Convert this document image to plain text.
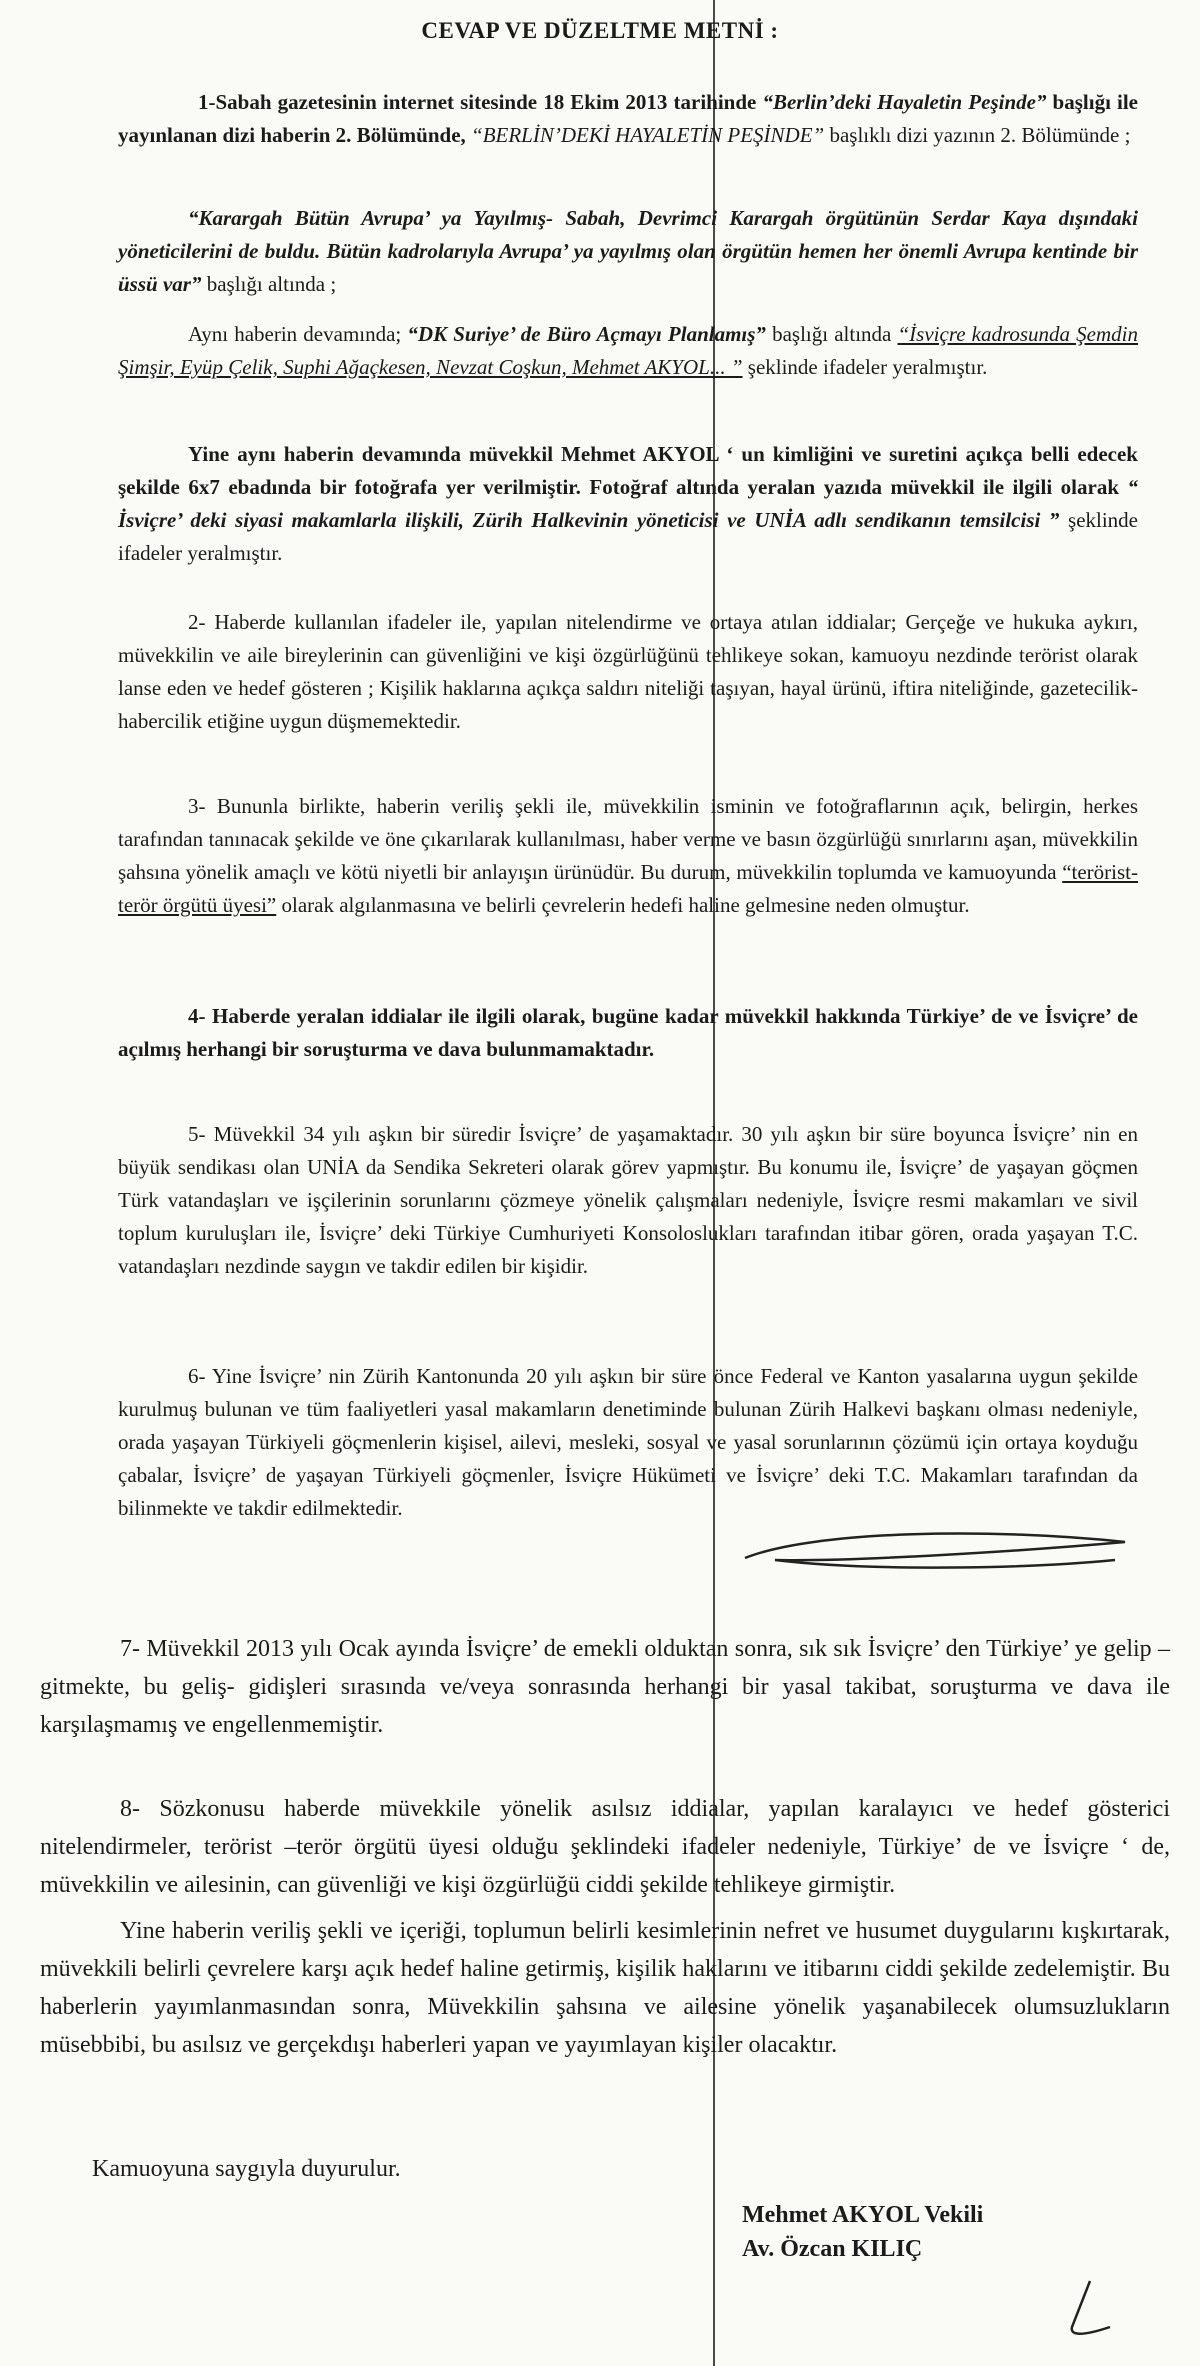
CEVAP VE DÜZELTME METNİ :

1-Sabah gazetesinin internet sitesinde 18 Ekim 2013 tarihinde “Berlin’deki Hayaletin Peşinde” başlığı ile yayınlanan dizi haberin 2. Bölümünde, “BERLİN’DEKİ HAYALETİN PEŞİNDE” başlıklı dizi yazının 2. Bölümünde ;

“Karargah Bütün Avrupa’ ya Yayılmış- Sabah, Devrimci Karargah örgütünün Serdar Kaya dışındaki yöneticilerini de buldu. Bütün kadrolarıyla Avrupa’ ya yayılmış olan örgütün hemen her önemli Avrupa kentinde bir üssü var” başlığı altında ;

Aynı haberin devamında; “DK Suriye’ de Büro Açmayı Planlamış” başlığı altında “İsviçre kadrosunda Şemdin Şimşir, Eyüp Çelik, Suphi Ağaçkesen, Nevzat Coşkun, Mehmet AKYOL... ” şeklinde ifadeler yeralmıştır.

Yine aynı haberin devamında müvekkil Mehmet AKYOL ‘ un kimliğini ve suretini açıkça belli edecek şekilde 6x7 ebadında bir fotoğrafa yer verilmiştir. Fotoğraf altında yeralan yazıda müvekkil ile ilgili olarak “ İsviçre’ deki siyasi makamlarla ilişkili, Zürih Halkevinin yöneticisi ve UNİA adlı sendikanın temsilcisi ” şeklinde ifadeler yeralmıştır.

2- Haberde kullanılan ifadeler ile, yapılan nitelendirme ve ortaya atılan iddialar; Gerçeğe ve hukuka aykırı, müvekkilin ve aile bireylerinin can güvenliğini ve kişi özgürlüğünü tehlikeye sokan, kamuoyu nezdinde terörist olarak lanse eden ve hedef gösteren ; Kişilik haklarına açıkça saldırı niteliği taşıyan, hayal ürünü, iftira niteliğinde, gazetecilik-habercilik etiğine uygun düşmemektedir.

3- Bununla birlikte, haberin veriliş şekli ile, müvekkilin isminin ve fotoğraflarının açık, belirgin, herkes tarafından tanınacak şekilde ve öne çıkarılarak kullanılması, haber verme ve basın özgürlüğü sınırlarını aşan, müvekkilin şahsına yönelik amaçlı ve kötü niyetli bir anlayışın ürünüdür. Bu durum, müvekkilin toplumda ve kamuoyunda “terörist- terör örgütü üyesi” olarak algılanmasına ve belirli çevrelerin hedefi haline gelmesine neden olmuştur.

4- Haberde yeralan iddialar ile ilgili olarak, bugüne kadar müvekkil hakkında Türkiye’ de ve İsviçre’ de açılmış herhangi bir soruşturma ve dava bulunmamaktadır.

5- Müvekkil 34 yılı aşkın bir süredir İsviçre’ de yaşamaktadır. 30 yılı aşkın bir süre boyunca İsviçre’ nin en büyük sendikası olan UNİA da Sendika Sekreteri olarak görev yapmıştır. Bu konumu ile, İsviçre’ de yaşayan göçmen Türk vatandaşları ve işçilerinin sorunlarını çözmeye yönelik çalışmaları nedeniyle, İsviçre resmi makamları ve sivil toplum kuruluşları ile, İsviçre’ deki Türkiye Cumhuriyeti Konsoloslukları tarafından itibar gören, orada yaşayan T.C. vatandaşları nezdinde saygın ve takdir edilen bir kişidir.

6- Yine İsviçre’ nin Zürih Kantonunda 20 yılı aşkın bir süre önce Federal ve Kanton yasalarına uygun şekilde kurulmuş bulunan ve tüm faaliyetleri yasal makamların denetiminde bulunan Zürih Halkevi başkanı olması nedeniyle, orada yaşayan Türkiyeli göçmenlerin kişisel, ailevi, mesleki, sosyal ve yasal sorunlarının çözümü için ortaya koyduğu çabalar, İsviçre’ de yaşayan Türkiyeli göçmenler, İsviçre Hükümeti ve İsviçre’ deki T.C. Makamları tarafından da bilinmekte ve takdir edilmektedir.

7- Müvekkil 2013 yılı Ocak ayında İsviçre’ de emekli olduktan sonra, sık sık İsviçre’ den Türkiye’ ye gelip – gitmekte, bu geliş- gidişleri sırasında ve/veya sonrasında herhangi bir yasal takibat, soruşturma ve dava ile karşılaşmamış ve engellenmemiştir.

8- Sözkonusu haberde müvekkile yönelik asılsız iddialar, yapılan karalayıcı ve hedef gösterici nitelendirmeler, terörist –terör örgütü üyesi olduğu şeklindeki ifadeler nedeniyle, Türkiye’ de ve İsviçre ‘ de, müvekkilin ve ailesinin, can güvenliği ve kişi özgürlüğü ciddi şekilde tehlikeye girmiştir.

Yine haberin veriliş şekli ve içeriği, toplumun belirli kesimlerinin nefret ve husumet duygularını kışkırtarak, müvekkili belirli çevrelere karşı açık hedef haline getirmiş, kişilik haklarını ve itibarını ciddi şekilde zedelemiştir. Bu haberlerin yayımlanmasından sonra, Müvekkilin şahsına ve ailesine yönelik yaşanabilecek olumsuzlukların müsebbibi, bu asılsız ve gerçekdışı haberleri yapan ve yayımlayan kişiler olacaktır.

Kamuoyuna saygıyla duyurulur.
Mehmet AKYOL Vekili
Av. Özcan KILIÇ
